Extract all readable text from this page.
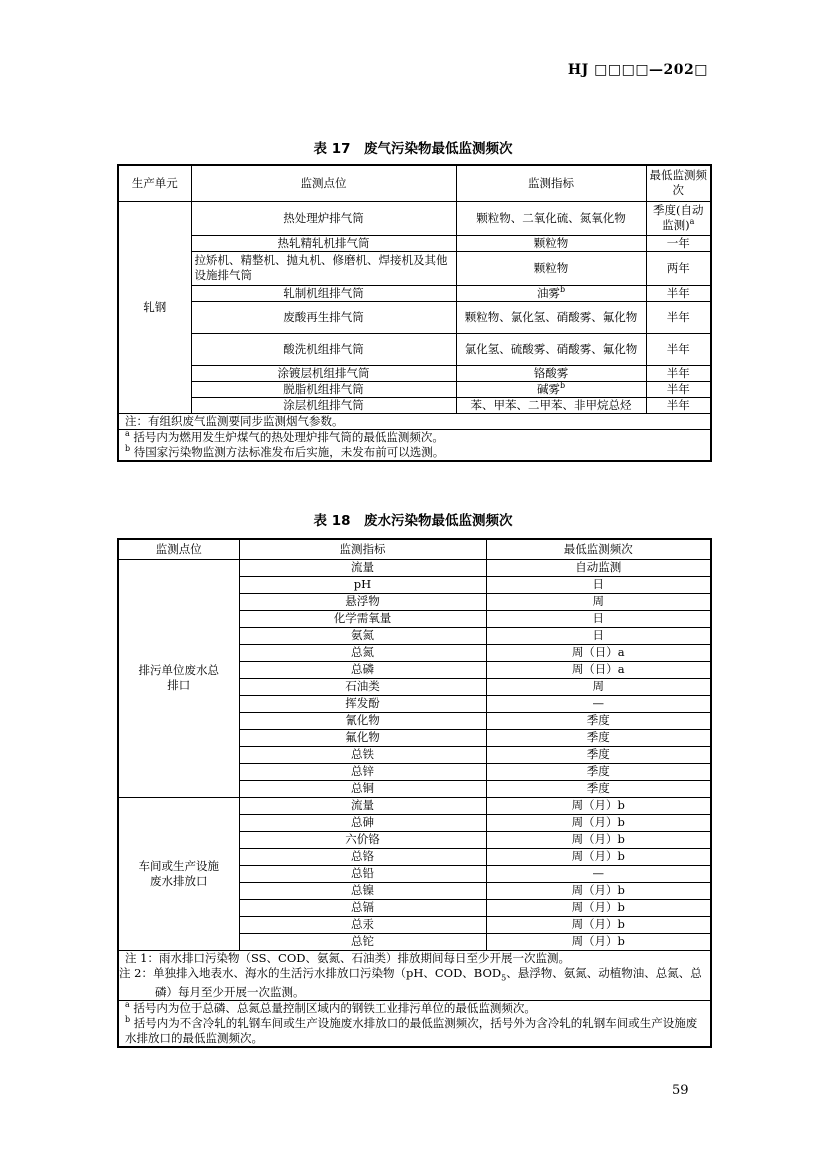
HJ □□□□—202□
表 17　废气污染物最低监测频次
生产单元	监测点位	监测指标	最低监测频次
轧钢	热处理炉排气筒	颗粒物、二氧化硫、氮氧化物	季度(自动监测)$^a$
	热轧精轧机排气筒	颗粒物	一年
	拉矫机、精整机、抛丸机、修磨机、焊接机及其他设施排气筒	颗粒物	两年
	轧制机组排气筒	油雾$^b$	半年
	废酸再生排气筒	颗粒物、氯化氢、硝酸雾、氟化物	半年
	酸洗机组排气筒	氯化氢、硫酸雾、硝酸雾、氟化物	半年
	涂镀层机组排气筒	铬酸雾	半年
	脱脂机组排气筒	碱雾$^b$	半年
	涂层机组排气筒	苯、甲苯、二甲苯、非甲烷总烃	半年
注：有组织废气监测要同步监测烟气参数。			
$^a$ 括号内为燃用发生炉煤气的热处理炉排气筒的最低监测频次。			
$^b$ 待国家污染物监测方法标准发布后实施，未发布前可以选测。			
表 18　废水污染物最低监测频次
监测点位	监测指标	最低监测频次
排污单位废水总排口	流量	自动监测
	pH	日
	悬浮物	周
	化学需氧量	日
	氨氮	日
	总氮	周（日）a
	总磷	周（日）a
	石油类	周
	挥发酚	—
	氰化物	季度
	氟化物	季度
	总铁	季度
	总锌	季度
	总铜	季度
车间或生产设施废水排放口	流量	周（月）b
	总砷	周（月）b
	六价铬	周（月）b
	总铬	周（月）b
	总铅	—
	总镍	周（月）b
	总镉	周（月）b
	总汞	周（月）b
	总铊	周（月）b
注 1：雨水排口污染物（SS、COD、氨氮、石油类）排放期间每日至少开展一次监测。		
注 2：单独排入地表水、海水的生活污水排放口污染物（pH、COD、$BOD_5$、悬浮物、氨氮、动植物油、总氮、总磷）每月至少开展一次监测。		
$^a$ 括号内为位于总磷、总氮总量控制区域内的钢铁工业排污单位的最低监测频次。		
$^b$ 括号内为不含冷轧的轧钢车间或生产设施废水排放口的最低监测频次，括号外为含冷轧的轧钢车间或生产设施废水排放口的最低监测频次。		
59
